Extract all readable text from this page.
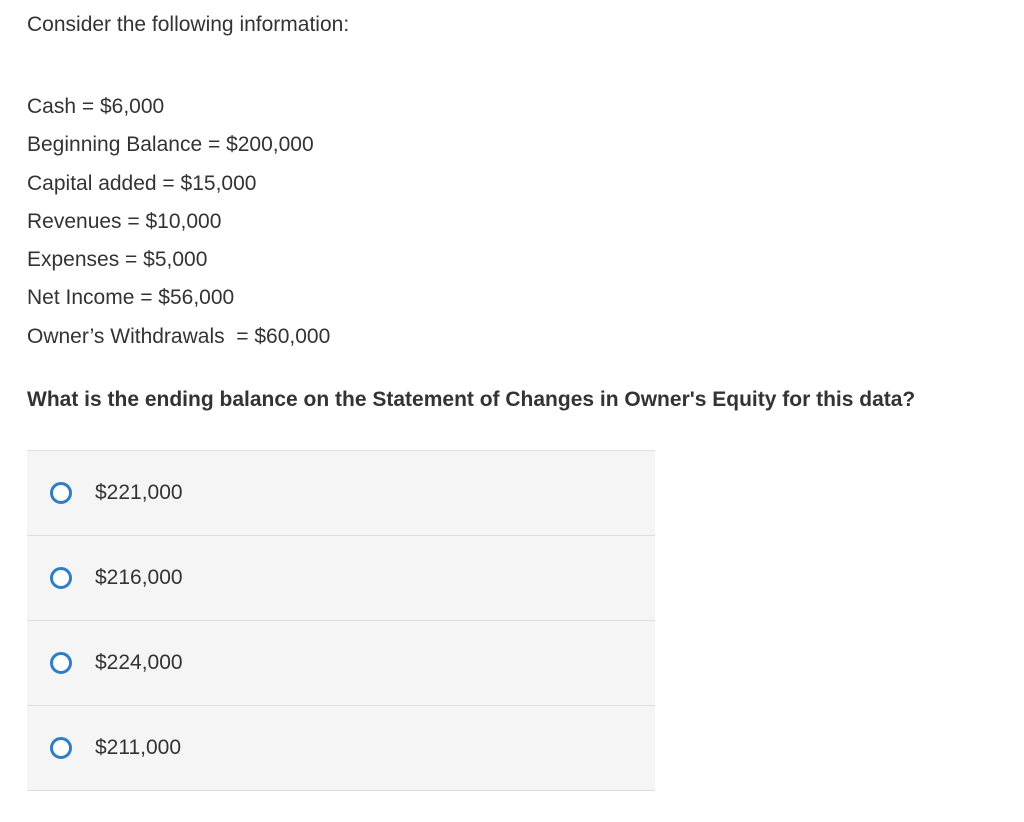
Consider the following information:
Cash = $6,000
Beginning Balance = $200,000
Capital added = $15,000
Revenues = $10,000
Expenses = $5,000
Net Income = $56,000
Owner’s Withdrawals  = $60,000
What is the ending balance on the Statement of Changes in Owner's Equity for this data?
$221,000
$216,000
$224,000
$211,000
